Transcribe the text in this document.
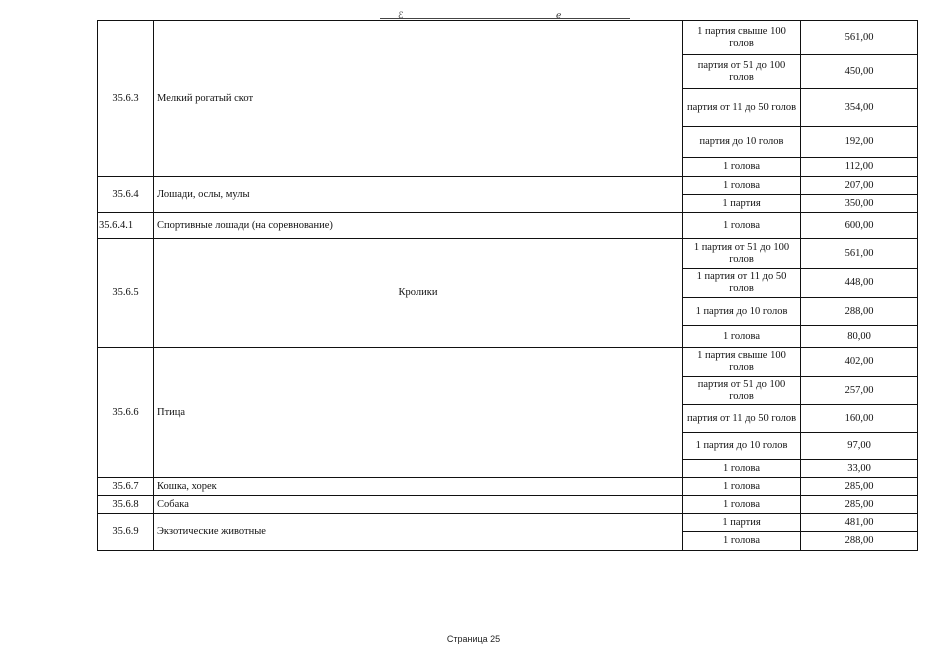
ℰ	ℯ
35.6.3	Мелкий рогатый скот	1 партия свыше 100 голов	561,00
		партия от 51 до 100 голов	450,00
		партия от 11 до 50 голов	354,00
		партия до 10 голов	192,00
		1 голова	112,00
35.6.4	Лошади, ослы, мулы	1 голова	207,00
		1 партия	350,00
35.6.4.1	Спортивные лошади (на соревнование)	1 голова	600,00
35.6.5	Кролики	1 партия от 51 до 100 голов	561,00
		1 партия от 11 до 50 голов	448,00
		1 партия до 10 голов	288,00
		1 голова	80,00
35.6.6	Птица	1 партия свыше 100 голов	402,00
		партия от 51 до 100 голов	257,00
		партия от 11 до 50 голов	160,00
		1 партия до 10 голов	97,00
		1 голова	33,00
35.6.7	Кошка, хорек	1 голова	285,00
35.6.8	Собака	1 голова	285,00
35.6.9	Экзотические животные	1 партия	481,00
		1 голова	288,00
Страница 25
